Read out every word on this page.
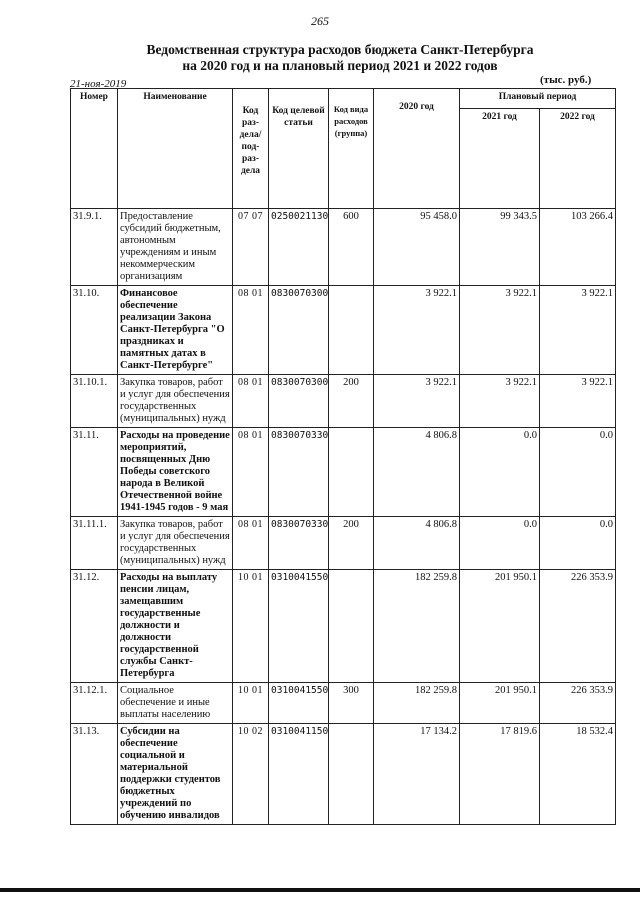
265
Ведомственная структура расходов бюджета Санкт-Петербурга
на 2020 год и на плановый период 2021 и 2022 годов
21-ноя-2019	(тыс. руб.)
Номер	Наименование	Код раз-дела/ под-раз-дела	Код целевой статьи	Код вида расходов (группа)	2020 год	Плановый период	
						2021 год	2022 год
31.9.1.	Предоставление субсидий бюджетным, автономным учреждениям и иным некоммерческим организациям	07 07	0250021130	600	95 458.0	99 343.5	103 266.4
31.10.	Финансовое обеспечение реализации Закона Санкт-Петербурга "О праздниках и памятных датах в Санкт-Петербурге"	08 01	0830070300		3 922.1	3 922.1	3 922.1
31.10.1.	Закупка товаров, работ и услуг для обеспечения государственных (муниципальных) нужд	08 01	0830070300	200	3 922.1	3 922.1	3 922.1
31.11.	Расходы на проведение мероприятий, посвященных Дню Победы советского народа в Великой Отечественной войне 1941-1945 годов - 9 мая	08 01	0830070330		4 806.8	0.0	0.0
31.11.1.	Закупка товаров, работ и услуг для обеспечения государственных (муниципальных) нужд	08 01	0830070330	200	4 806.8	0.0	0.0
31.12.	Расходы на выплату пенсии лицам, замещавшим государственные должности и должности государственной службы Санкт-Петербурга	10 01	0310041550		182 259.8	201 950.1	226 353.9
31.12.1.	Социальное обеспечение и иные выплаты населению	10 01	0310041550	300	182 259.8	201 950.1	226 353.9
31.13.	Субсидии на обеспечение социальной и материальной поддержки студентов бюджетных учреждений по обучению инвалидов	10 02	0310041150		17 134.2	17 819.6	18 532.4
